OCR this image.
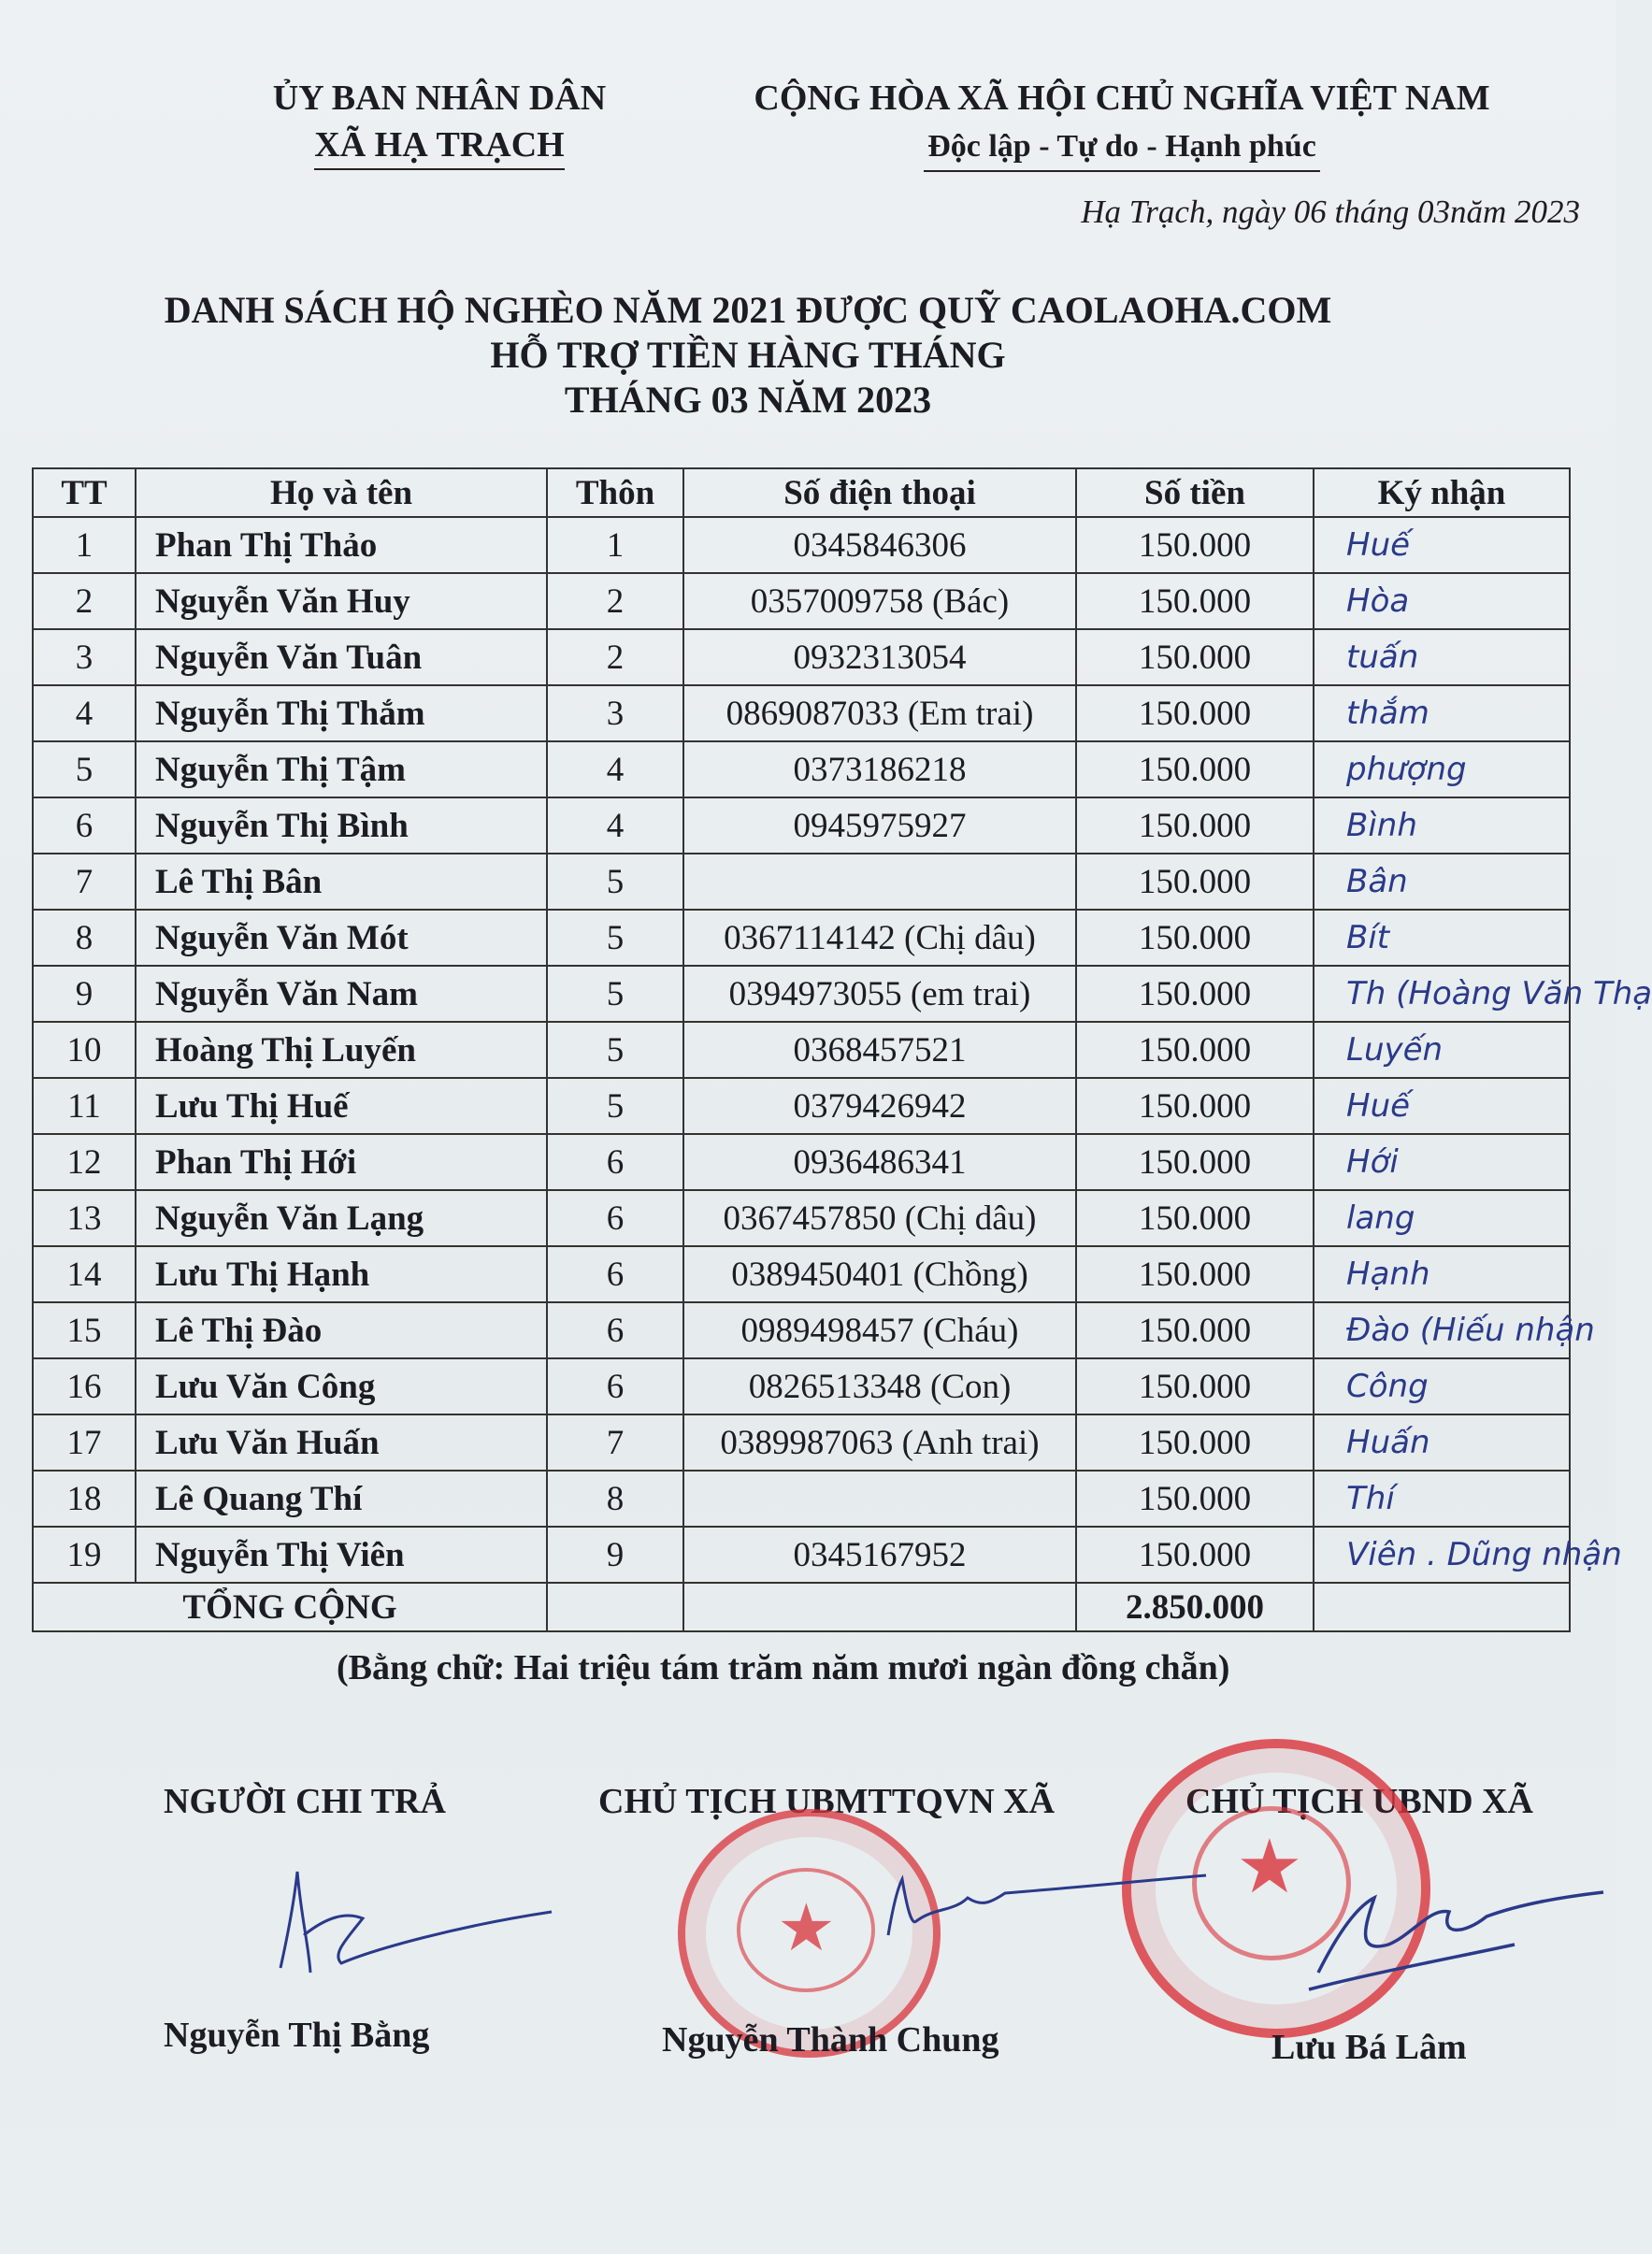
ỦY BAN NHÂN DÂN
XÃ HẠ TRẠCH
CỘNG HÒA XÃ HỘI CHỦ NGHĨA VIỆT NAM
Độc lập - Tự do - Hạnh phúc
Hạ Trạch, ngày 06 tháng 03năm 2023
DANH SÁCH HỘ NGHÈO NĂM 2021 ĐƯỢC QUỸ CAOLAOHA.COM
HỖ TRỢ TIỀN HÀNG THÁNG
THÁNG 03 NĂM 2023
TT	Họ và tên	Thôn	Số điện thoại	Số tiền	Ký nhận
1	Phan Thị Thảo	1	0345846306	150.000	Huế
2	Nguyễn Văn Huy	2	0357009758 (Bác)	150.000	Hòa
3	Nguyễn Văn Tuân	2	0932313054	150.000	tuấn
4	Nguyễn Thị Thắm	3	0869087033 (Em trai)	150.000	thắm
5	Nguyễn Thị Tậm	4	0373186218	150.000	phượng
6	Nguyễn Thị Bình	4	0945975927	150.000	Bình
7	Lê Thị Bân	5		150.000	Bân
8	Nguyễn Văn Mót	5	0367114142 (Chị dâu)	150.000	Bít
9	Nguyễn Văn Nam	5	0394973055 (em trai)	150.000	Th (Hoàng Văn Thạ
10	Hoàng Thị Luyến	5	0368457521	150.000	Luyến
11	Lưu Thị Huế	5	0379426942	150.000	Huế
12	Phan Thị Hới	6	0936486341	150.000	Hới
13	Nguyễn Văn Lạng	6	0367457850 (Chị dâu)	150.000	lang
14	Lưu Thị Hạnh	6	0389450401 (Chồng)	150.000	Hạnh
15	Lê Thị Đào	6	0989498457 (Cháu)	150.000	Đào (Hiếu nhận
16	Lưu Văn Công	6	0826513348 (Con)	150.000	Công
17	Lưu Văn Huấn	7	0389987063 (Anh trai)	150.000	Huấn
18	Lê Quang Thí	8		150.000	Thí
19	Nguyễn Thị Viên	9	0345167952	150.000	Viên . Dũng nhận
TỔNG CỘNG				2.850.000	
(Bằng chữ: Hai triệu tám trăm năm mươi ngàn đồng chẵn)
NGƯỜI CHI TRẢ	CHỦ TỊCH UBMTTQVN XÃ	CHỦ TỊCH UBND XÃ
★
★
Nguyễn Thị Bằng	Nguyễn Thành Chung	Lưu Bá Lâm
